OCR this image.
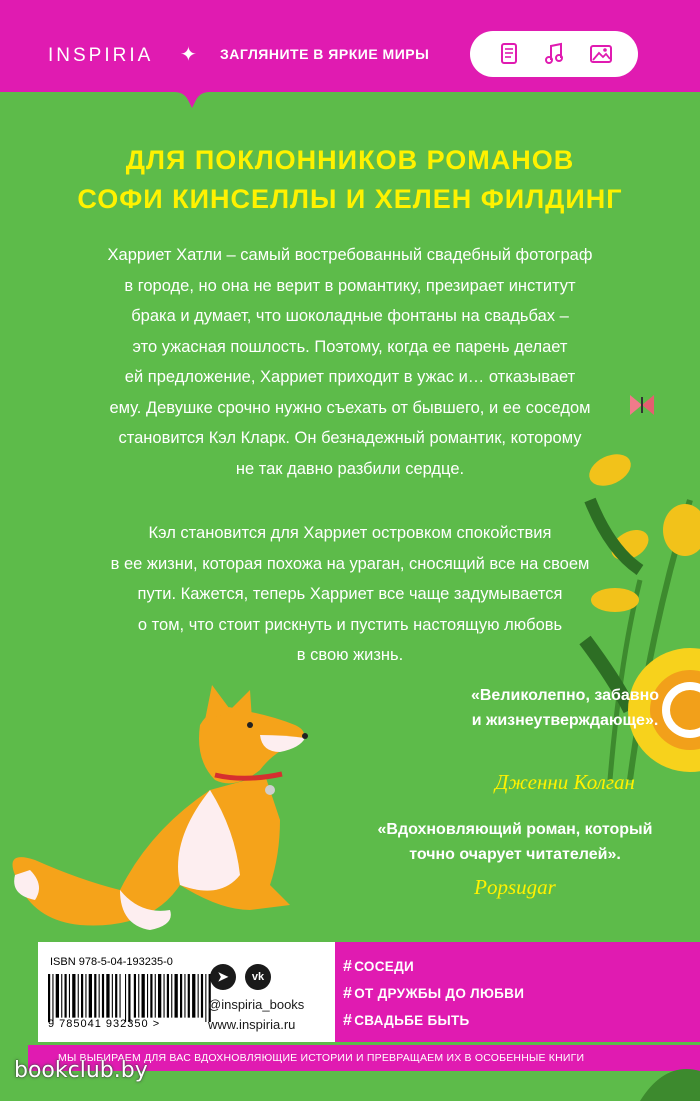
INSPIRIA ✦ ЗАГЛЯНИТЕ В ЯРКИЕ МИРЫ
ДЛЯ ПОКЛОННИКОВ РОМАНОВ
СОФИ КИНСЕЛЛЫ И ХЕЛЕН ФИЛДИНГ
Харриет Хатли – самый востребованный свадебный фотограф
в городе, но она не верит в романтику, презирает институт
брака и думает, что шоколадные фонтаны на свадьбах –
это ужасная пошлость. Поэтому, когда ее парень делает
ей предложение, Харриет приходит в ужас и… отказывает
ему. Девушке срочно нужно съехать от бывшего, и ее соседом
становится Кэл Кларк. Он безнадежный романтик, которому
не так давно разбили сердце.
Кэл становится для Харриет островком спокойствия
в ее жизни, которая похожа на ураган, сносящий все на своем
пути. Кажется, теперь Харриет все чаще задумывается
о том, что стоит рискнуть и пустить настоящую любовь
в свою жизнь.
«Великолепно, забавно
и жизнеутверждающе».
Дженни Колган
«Вдохновляющий роман, который
точно очарует читателей».
Popsugar
ISBN 978-5-04-193235-0
9 785041 932350 >
➤	vk
@inspiria_books
www.inspiria.ru
# СОСЕДИ
# ОТ ДРУЖБЫ ДО ЛЮБВИ
# СВАДЬБЕ БЫТЬ
МЫ ВЫБИРАЕМ ДЛЯ ВАС ВДОХНОВЛЯЮЩИЕ ИСТОРИИ И ПРЕВРАЩАЕМ ИХ В ОСОБЕННЫЕ КНИГИ
bookclub.by
